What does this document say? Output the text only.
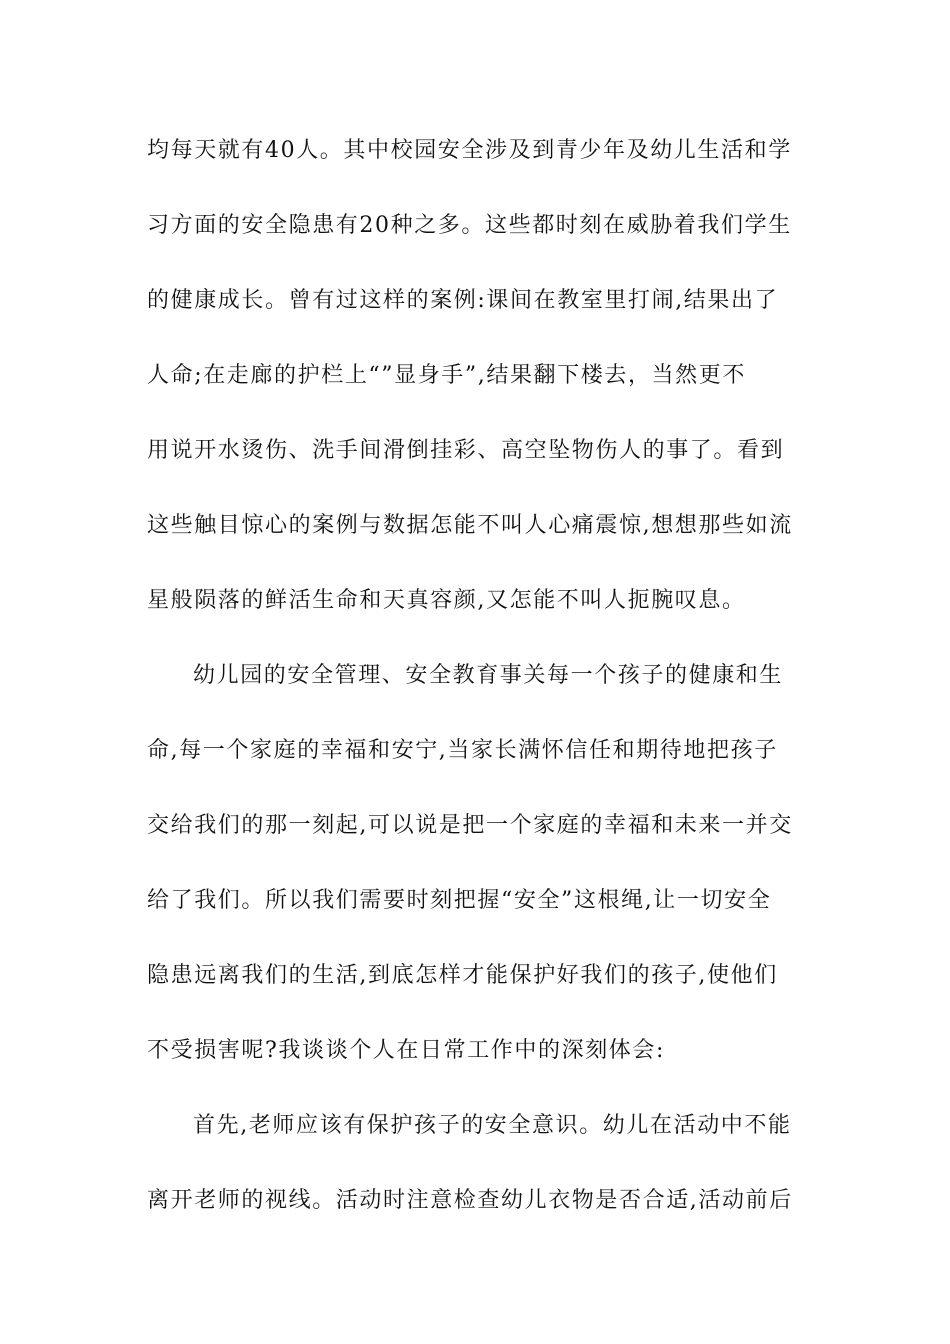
均每天就有40人。其中校园安全涉及到青少年及幼儿生活和学
习方面的安全隐患有20种之多。这些都时刻在威胁着我们学生
的健康成长。曾有过这样的案例:课间在教室里打闹,结果出了
人命;在走廊的护栏上“”显身手”,结果翻下楼去，当然更不
用说开水烫伤、洗手间滑倒挂彩、高空坠物伤人的事了。看到
这些触目惊心的案例与数据怎能不叫人心痛震惊,想想那些如流
星般陨落的鲜活生命和天真容颜,又怎能不叫人扼腕叹息。
幼儿园的安全管理、安全教育事关每一个孩子的健康和生
命,每一个家庭的幸福和安宁,当家长满怀信任和期待地把孩子
交给我们的那一刻起,可以说是把一个家庭的幸福和未来一并交
给了我们。所以我们需要时刻把握“安全”这根绳,让一切安全
隐患远离我们的生活,到底怎样才能保护好我们的孩子,使他们
不受损害呢?我谈谈个人在日常工作中的深刻体会:
首先,老师应该有保护孩子的安全意识。幼儿在活动中不能
离开老师的视线。活动时注意检查幼儿衣物是否合适,活动前后
